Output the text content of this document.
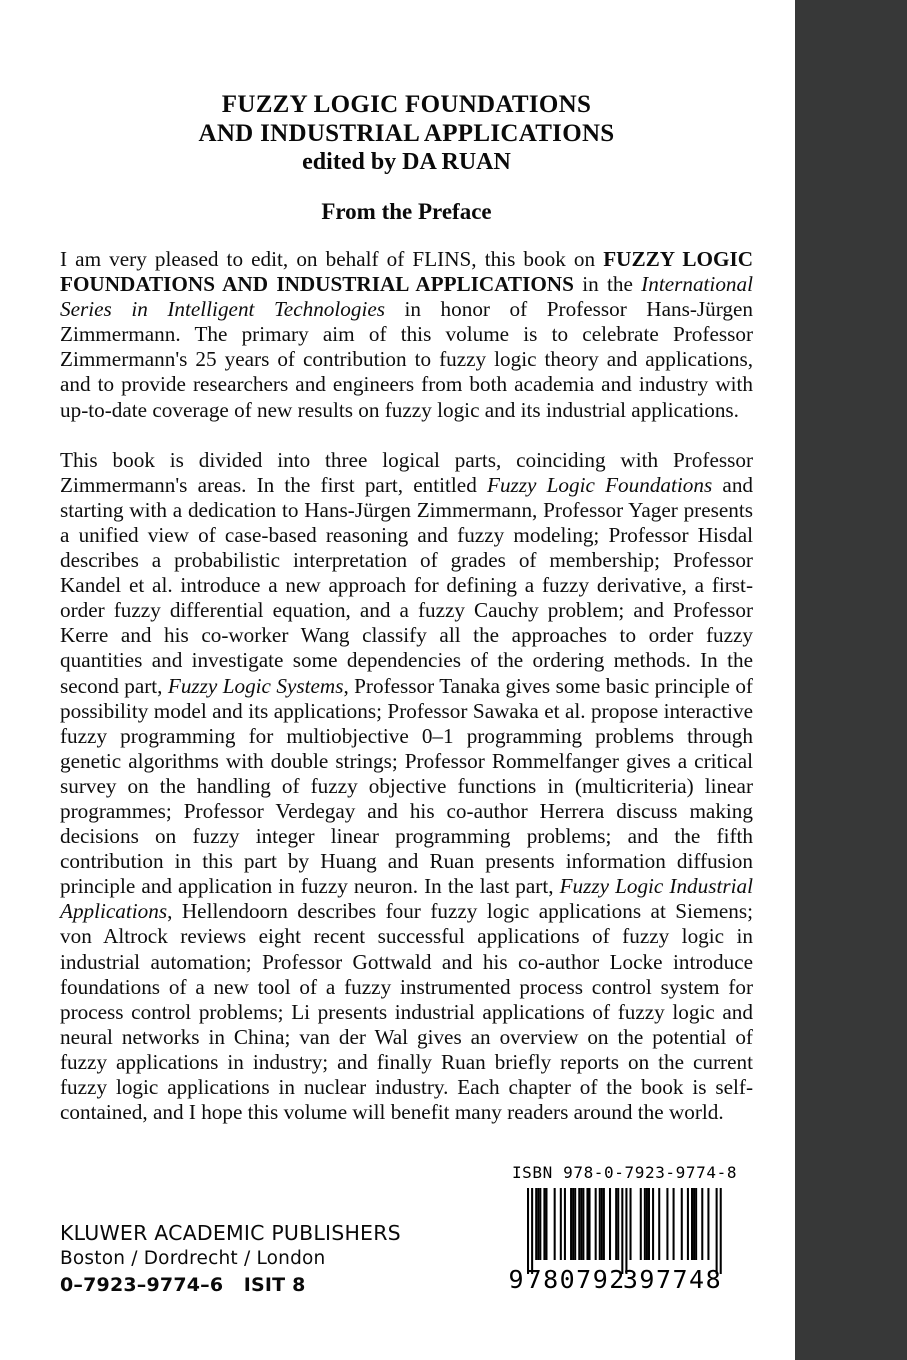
FUZZY LOGIC FOUNDATIONS
AND INDUSTRIAL APPLICATIONS
edited by DA RUAN
From the Preface

I am very pleased to edit, on behalf of FLINS, this book on FUZZY LOGIC FOUNDATIONS AND INDUSTRIAL APPLICATIONS in the International Series in Intelligent Technologies in honor of Professor Hans-Jürgen Zimmermann. The primary aim of this volume is to celebrate Professor Zimmermann's 25 years of contribution to fuzzy logic theory and applications, and to provide researchers and engineers from both academia and industry with up-to-date coverage of new results on fuzzy logic and its industrial applications.

This book is divided into three logical parts, coinciding with Professor Zimmermann's areas. In the first part, entitled Fuzzy Logic Foundations and starting with a dedication to Hans-Jürgen Zimmermann, Professor Yager presents a unified view of case-based reasoning and fuzzy modeling; Professor Hisdal describes a probabilistic interpretation of grades of membership; Professor Kandel et al. introduce a new approach for defining a fuzzy derivative, a first-order fuzzy differential equation, and a fuzzy Cauchy problem; and Professor Kerre and his co-worker Wang classify all the approaches to order fuzzy quantities and investigate some dependencies of the ordering methods. In the second part, Fuzzy Logic Systems, Professor Tanaka gives some basic principle of possibility model and its applications; Professor Sawaka et al. propose interactive fuzzy programming for multiobjective 0–1 programming problems through genetic algorithms with double strings; Professor Rommelfanger gives a critical survey on the handling of fuzzy objective functions in (multicriteria) linear programmes; Professor Verdegay and his co-author Herrera discuss making decisions on fuzzy integer linear programming problems; and the fifth contribution in this part by Huang and Ruan presents information diffusion principle and application in fuzzy neuron. In the last part, Fuzzy Logic Industrial Applications, Hellendoorn describes four fuzzy logic applications at Siemens; von Altrock reviews eight recent successful applications of fuzzy logic in industrial automation; Professor Gottwald and his co-author Locke introduce foundations of a new tool of a fuzzy instrumented process control system for process control problems; Li presents industrial applications of fuzzy logic and neural networks in China; van der Wal gives an overview on the potential of fuzzy applications in industry; and finally Ruan briefly reports on the current fuzzy logic applications in nuclear industry. Each chapter of the book is self-contained, and I hope this volume will benefit many readers around the world.

KLUWER ACADEMIC PUBLISHERS
Boston / Dordrecht / London
0–7923–9774–6   ISIT 8
ISBN 978-0-7923-9774-8
9 780792
397748
